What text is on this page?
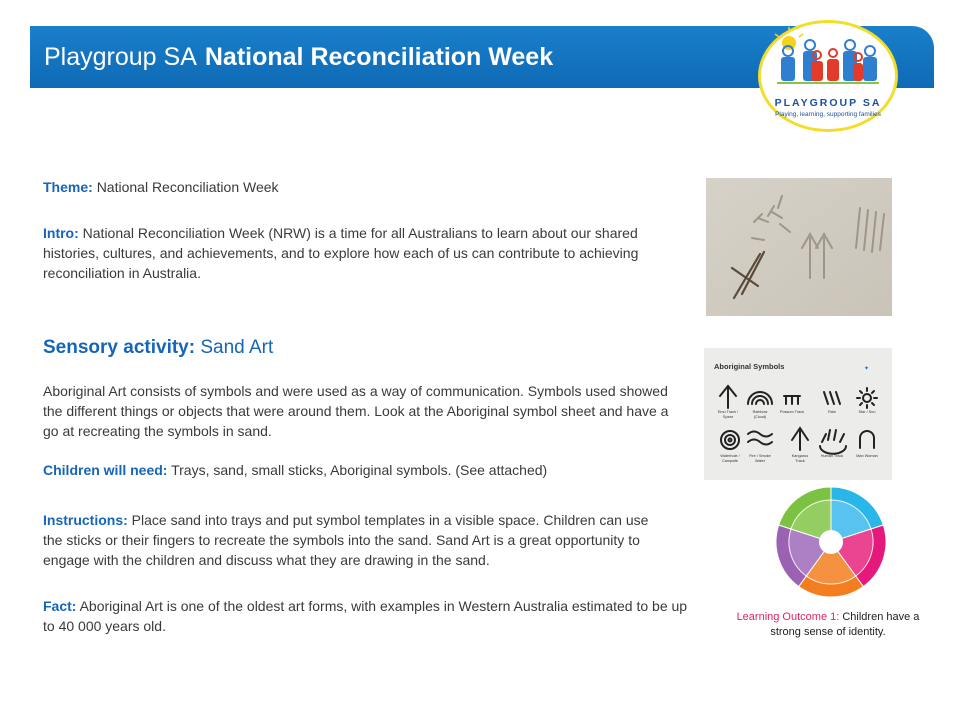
Playgroup SA National Reconciliation Week
PLAYGROUP SA
Playing, learning, supporting families
Theme: National Reconciliation Week
Intro: National Reconciliation Week (NRW) is a time for all Australians to learn about our shared histories, cultures, and achievements, and to explore how each of us can contribute to achieving reconciliation in Australia.
Sensory activity: Sand Art
Aboriginal Art consists of symbols and were used as a way of communication. Symbols used showed the different things or objects that were around them. Look at the Aboriginal symbol sheet and have a go at recreating the symbols in sand.
Children will need: Trays, sand, small sticks, Aboriginal symbols. (See attached)
Aboriginal Symbols	✦
Emu Track / Spear
Rainbow (Cloud)
Possum Track	Rain	Star / Sun
Waterhole / Campsite
Fire / Smoke Water
Kangaroo Track
Human Track	Man Woman
Instructions: Place sand into trays and put symbol templates in a visible space. Children can use the sticks or their fingers to recreate the symbols into the sand. Sand Art is a great opportunity to engage with the children and discuss what they are drawing in the sand.
Fact: Aboriginal Art is one of the oldest art forms, with examples in Western Australia estimated to be up to 40 000 years old.
Learning Outcome 1: Children have a strong sense of identity.
